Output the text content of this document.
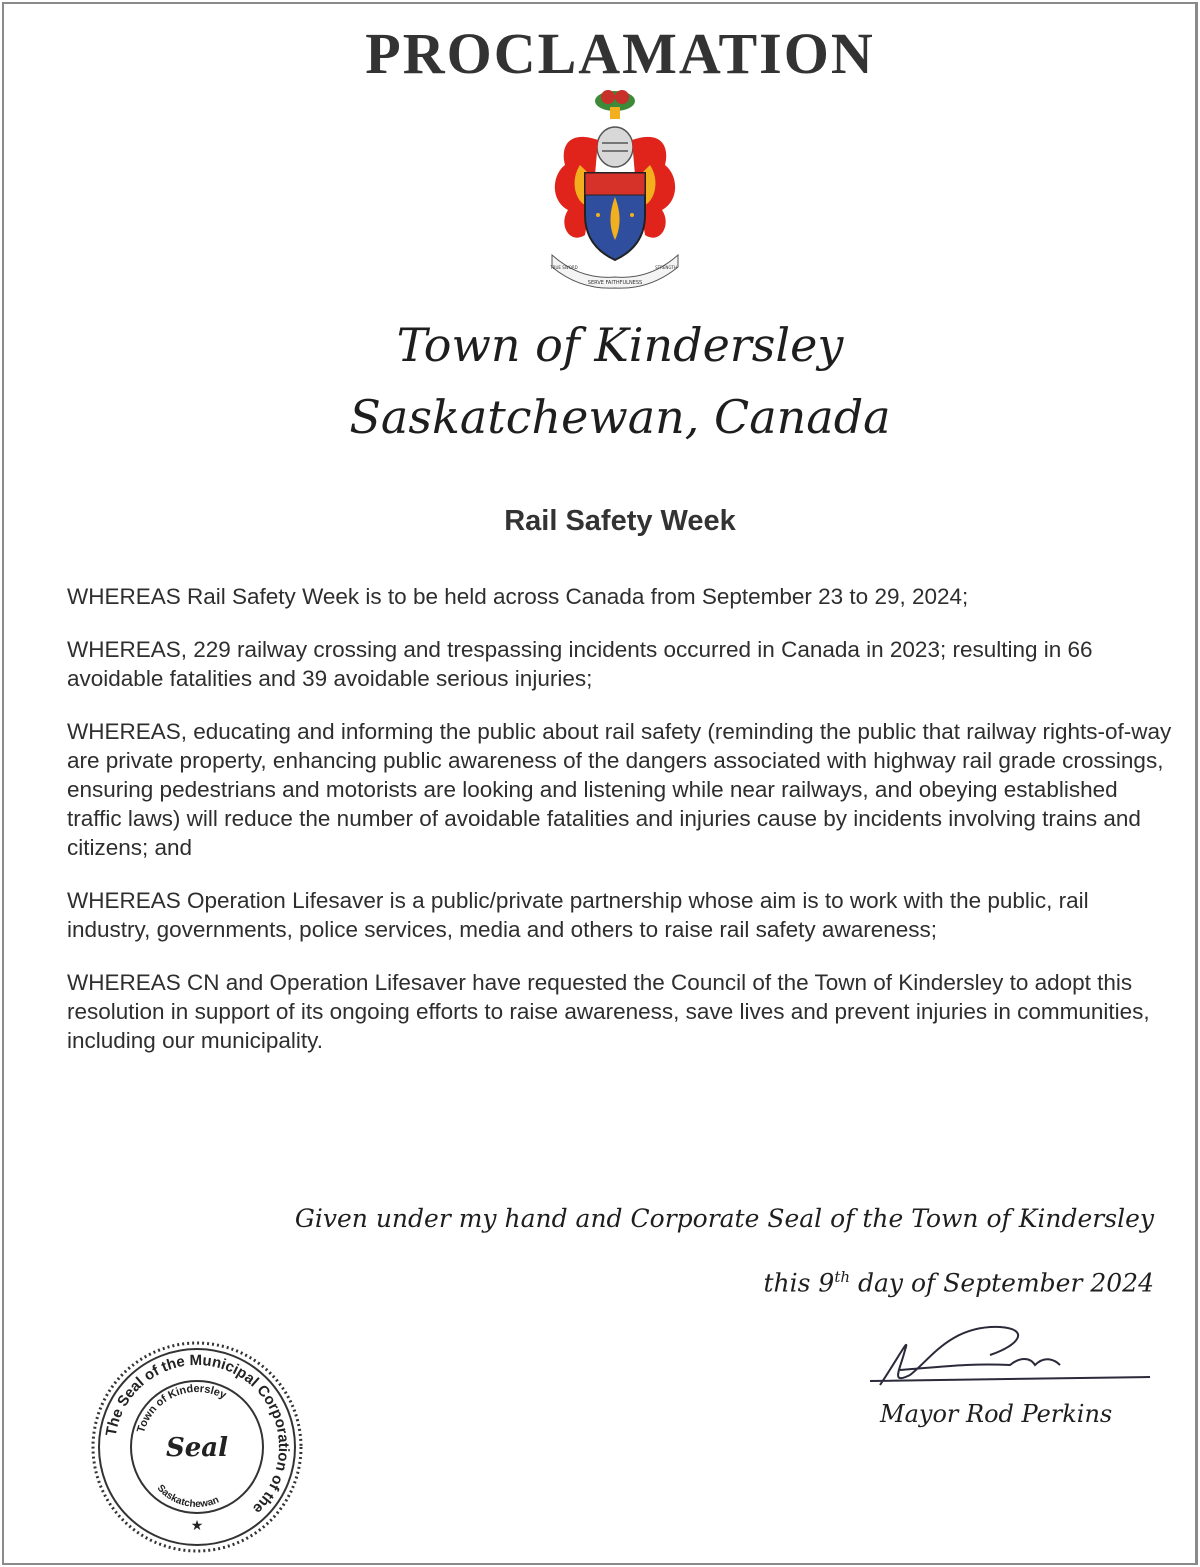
PROCLAMATION
SERVE FAITHFULNESS
TRUE SWORD	STRENGTH
Town of Kindersley
Saskatchewan, Canada
Rail Safety Week

WHEREAS Rail Safety Week is to be held across Canada from September 23 to 29, 2024;

WHEREAS, 229 railway crossing and trespassing incidents occurred in Canada in 2023; resulting in 66 avoidable fatalities and 39 avoidable serious injuries;

WHEREAS, educating and informing the public about rail safety (reminding the public that railway rights-of-way are private property, enhancing public awareness of the dangers associated with highway rail grade crossings, ensuring pedestrians and motorists are looking and listening while near railways, and obeying established traffic laws) will reduce the number of avoidable fatalities and injuries cause by incidents involving trains and citizens; and

WHEREAS Operation Lifesaver is a public/private partnership whose aim is to work with the public, rail industry, governments, police services, media and others to raise rail safety awareness;

WHEREAS CN and Operation Lifesaver have requested the Council of the Town of Kindersley to adopt this resolution in support of its ongoing efforts to raise awareness, save lives and prevent injuries in communities, including our municipality.

Given under my hand and Corporate Seal of the Town of Kindersley
this 9th day of September 2024
Mayor Rod Perkins
The Seal of the Municipal Corporation of the
Town of Kindersley
Saskatchewan
Seal
★
